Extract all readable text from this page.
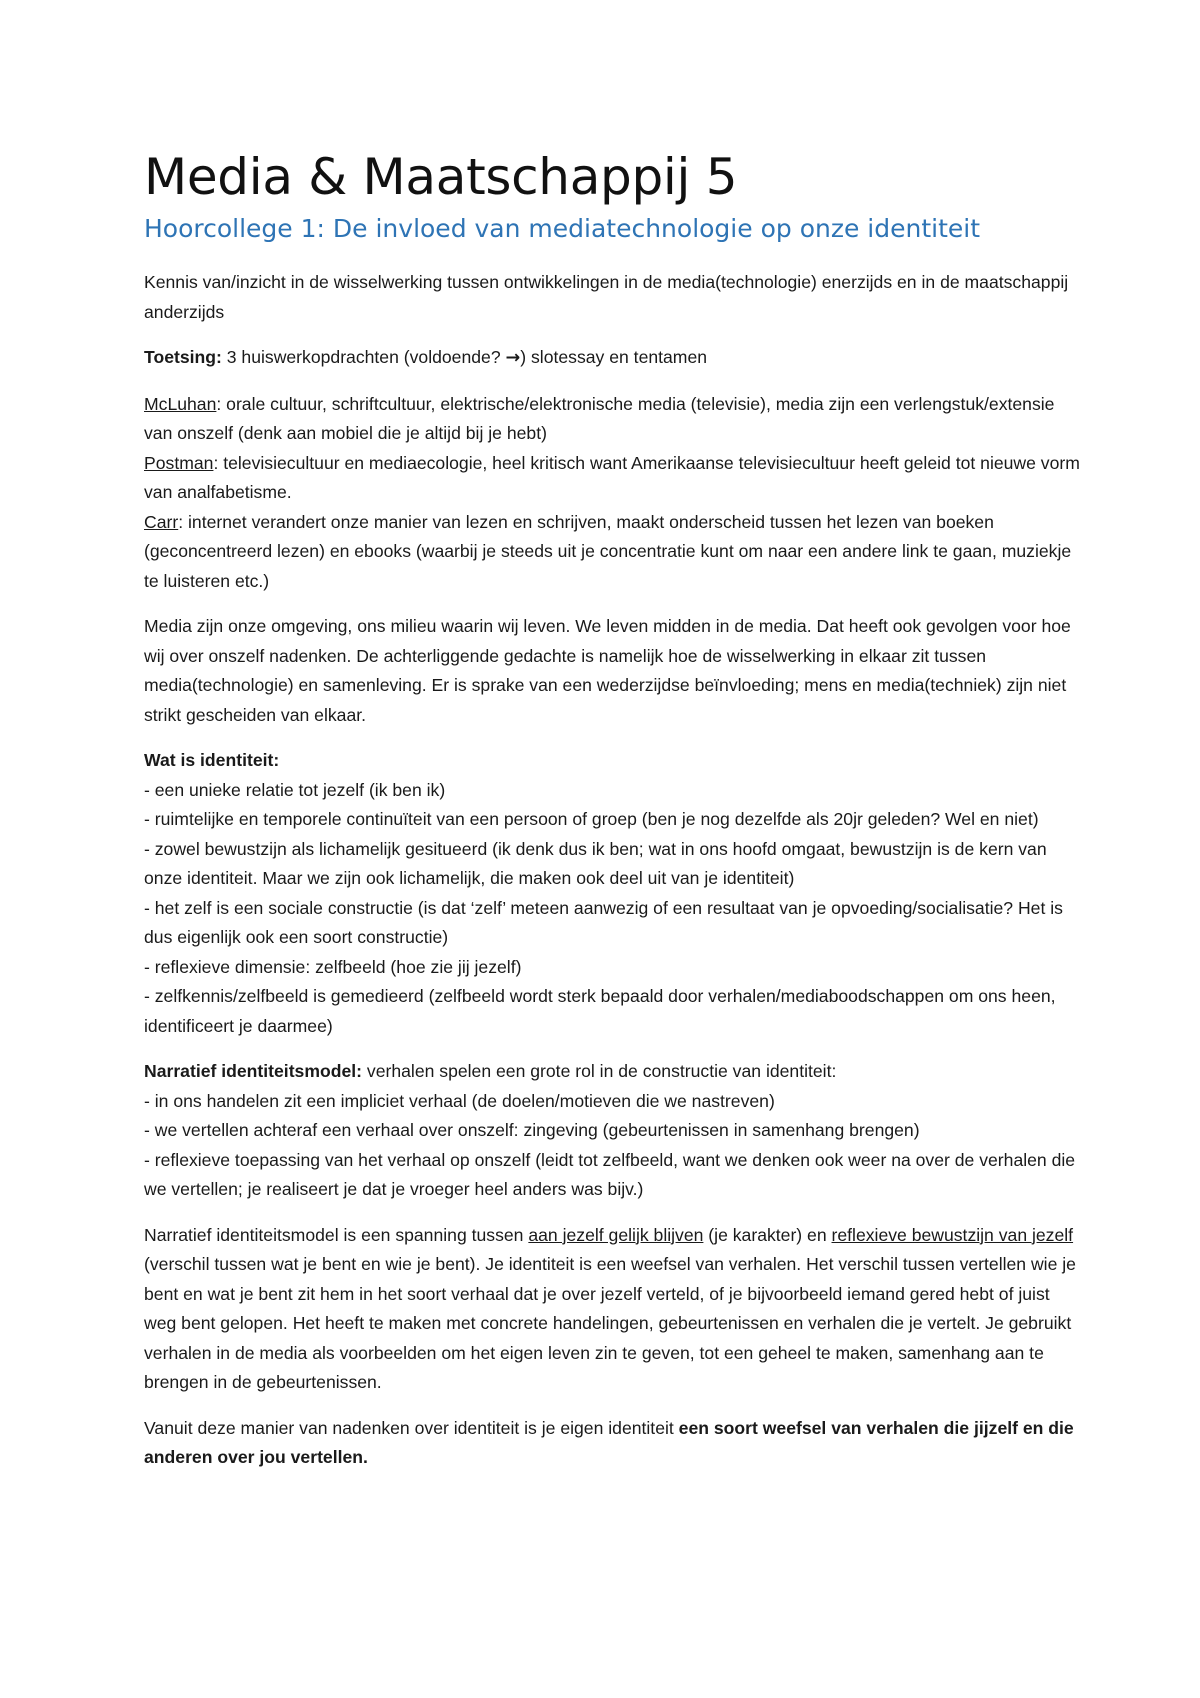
Media & Maatschappij 5
Hoorcollege 1: De invloed van mediatechnologie op onze identiteit

Kennis van/inzicht in de wisselwerking tussen ontwikkelingen in de media(technologie) enerzijds en in de maatschappij anderzijds

Toetsing: 3 huiswerkopdrachten (voldoende? →) slotessay en tentamen

McLuhan: orale cultuur, schriftcultuur, elektrische/elektronische media (televisie), media zijn een verlengstuk/extensie van onszelf (denk aan mobiel die je altijd bij je hebt)
Postman: televisiecultuur en mediaecologie, heel kritisch want Amerikaanse televisiecultuur heeft geleid tot nieuwe vorm van analfabetisme.
Carr: internet verandert onze manier van lezen en schrijven, maakt onderscheid tussen het lezen van boeken (geconcentreerd lezen) en ebooks (waarbij je steeds uit je concentratie kunt om naar een andere link te gaan, muziekje te luisteren etc.)

Media zijn onze omgeving, ons milieu waarin wij leven. We leven midden in de media. Dat heeft ook gevolgen voor hoe wij over onszelf nadenken. De achterliggende gedachte is namelijk hoe de wisselwerking in elkaar zit tussen media(technologie) en samenleving. Er is sprake van een wederzijdse beïnvloeding; mens en media(techniek) zijn niet strikt gescheiden van elkaar.

Wat is identiteit:
- een unieke relatie tot jezelf (ik ben ik)
- ruimtelijke en temporele continuïteit van een persoon of groep (ben je nog dezelfde als 20jr geleden? Wel en niet)
- zowel bewustzijn als lichamelijk gesitueerd (ik denk dus ik ben; wat in ons hoofd omgaat, bewustzijn is de kern van onze identiteit. Maar we zijn ook lichamelijk, die maken ook deel uit van je identiteit)
- het zelf is een sociale constructie (is dat ‘zelf’ meteen aanwezig of een resultaat van je opvoeding/socialisatie? Het is dus eigenlijk ook een soort constructie)
- reflexieve dimensie: zelfbeeld (hoe zie jij jezelf)
- zelfkennis/zelfbeeld is gemedieerd (zelfbeeld wordt sterk bepaald door verhalen/mediaboodschappen om ons heen, identificeert je daarmee)

Narratief identiteitsmodel: verhalen spelen een grote rol in de constructie van identiteit:
- in ons handelen zit een impliciet verhaal (de doelen/motieven die we nastreven)
- we vertellen achteraf een verhaal over onszelf: zingeving (gebeurtenissen in samenhang brengen)
- reflexieve toepassing van het verhaal op onszelf (leidt tot zelfbeeld, want we denken ook weer na over de verhalen die we vertellen; je realiseert je dat je vroeger heel anders was bijv.)

Narratief identiteitsmodel is een spanning tussen aan jezelf gelijk blijven (je karakter) en reflexieve bewustzijn van jezelf (verschil tussen wat je bent en wie je bent). Je identiteit is een weefsel van verhalen. Het verschil tussen vertellen wie je bent en wat je bent zit hem in het soort verhaal dat je over jezelf verteld, of je bijvoorbeeld iemand gered hebt of juist weg bent gelopen. Het heeft te maken met concrete handelingen, gebeurtenissen en verhalen die je vertelt. Je gebruikt verhalen in de media als voorbeelden om het eigen leven zin te geven, tot een geheel te maken, samenhang aan te brengen in de gebeurtenissen.

Vanuit deze manier van nadenken over identiteit is je eigen identiteit een soort weefsel van verhalen die jijzelf en die anderen over jou vertellen.
